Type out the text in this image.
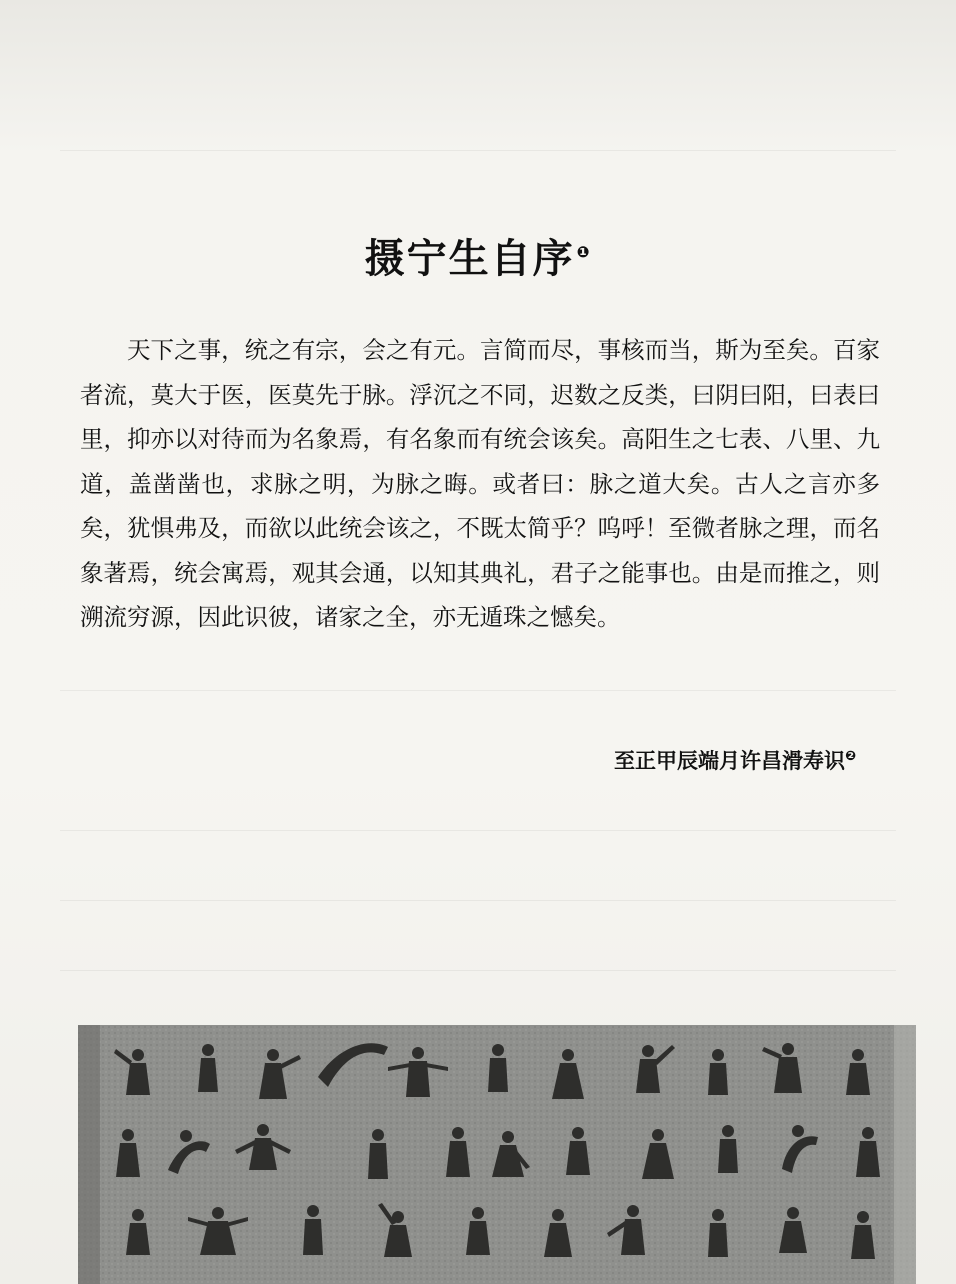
摄宁生自序 $^❶$

天下之事，统之有宗，会之有元。言简而尽，事核而当，斯为至矣。百家者流，莫大于医，医莫先于脉。浮沉之不同，迟数之反类，曰阴曰阳，曰表曰里，抑亦以对待而为名象焉，有名象而有统会该矣。高阳生之七表、八里、九道，盖凿凿也，求脉之明，为脉之晦。或者曰：脉之道大矣。古人之言亦多矣，犹惧弗及，而欲以此统会该之，不既太简乎？呜呼！至微者脉之理，而名象著焉，统会寓焉，观其会通，以知其典礼，君子之能事也。由是而推之，则溯流穷源，因此识彼，诸家之全，亦无遁珠之憾矣。

至正甲辰端月许昌滑寿识$^❷$
